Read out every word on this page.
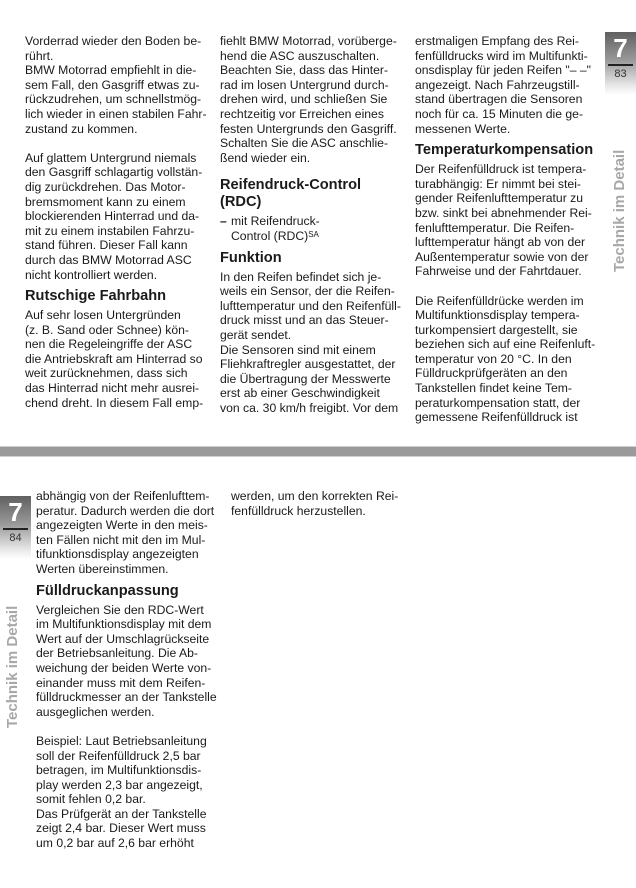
Vorderrad wieder den Boden be-
rührt.

BMW Motorrad empfiehlt in die-
sem Fall, den Gasgriff etwas zu-
rückzudrehen, um schnellstmög-
lich wieder in einen stabilen Fahr-
zustand zu kommen.

Auf glattem Untergrund niemals
den Gasgriff schlagartig vollstän-
dig zurückdrehen. Das Motor-
bremsmoment kann zu einem
blockierenden Hinterrad und da-
mit zu einem instabilen Fahrzu-
stand führen. Dieser Fall kann
durch das BMW Motorrad ASC
nicht kontrolliert werden.

Rutschige Fahrbahn

Auf sehr losen Untergründen
(z. B. Sand oder Schnee) kön-
nen die Regeleingriffe der ASC
die Antriebskraft am Hinterrad so
weit zurücknehmen, dass sich
das Hinterrad nicht mehr ausrei-
chend dreht. In diesem Fall emp-

fiehlt BMW Motorrad, vorüberge-
hend die ASC auszuschalten.
Beachten Sie, dass das Hinter-
rad im losen Untergrund durch-
drehen wird, und schließen Sie
rechtzeitig vor Erreichen eines
festen Untergrunds den Gasgriff.
Schalten Sie die ASC anschlie-
ßend wieder ein.

Reifendruck-Control
(RDC)
– mit Reifendruck-
Control (RDC)$^{SA}$
Funktion

In den Reifen befindet sich je-
weils ein Sensor, der die Reifen-
lufttemperatur und den Reifenfüll-
druck misst und an das Steuer-
gerät sendet.

Die Sensoren sind mit einem
Fliehkraftregler ausgestattet, der
die Übertragung der Messwerte
erst ab einer Geschwindigkeit
von ca. 30 km/h freigibt. Vor dem

erstmaligen Empfang des Rei-
fenfülldrucks wird im Multifunkti-
onsdisplay für jeden Reifen "– –"
angezeigt. Nach Fahrzeugstill-
stand übertragen die Sensoren
noch für ca. 15 Minuten die ge-
messenen Werte.

Temperaturkompensation

Der Reifenfülldruck ist tempera-
turabhängig: Er nimmt bei stei-
gender Reifenlufttemperatur zu
bzw. sinkt bei abnehmender Rei-
fenlufttemperatur. Die Reifen-
lufttemperatur hängt ab von der
Außentemperatur sowie von der
Fahrweise und der Fahrtdauer.

Die Reifenfülldrücke werden im
Multifunktionsdisplay tempera-
turkompensiert dargestellt, sie
beziehen sich auf eine Reifenluft-
temperatur von 20 °C. In den
Fülldruckprüfgeräten an den
Tankstellen findet keine Tem-
peraturkompensation statt, der
gemessene Reifenfülldruck ist

7
83
Technik im Detail
7
84
Technik im Detail

abhängig von der Reifenlufttem-
peratur. Dadurch werden die dort
angezeigten Werte in den meis-
ten Fällen nicht mit den im Mul-
tifunktionsdisplay angezeigten
Werten übereinstimmen.

Fülldruckanpassung

Vergleichen Sie den RDC-Wert
im Multifunktionsdisplay mit dem
Wert auf der Umschlagrückseite
der Betriebsanleitung. Die Ab-
weichung der beiden Werte von-
einander muss mit dem Reifen-
fülldruckmesser an der Tankstelle
ausgeglichen werden.

Beispiel: Laut Betriebsanleitung
soll der Reifenfülldruck 2,5 bar
betragen, im Multifunktionsdis-
play werden 2,3 bar angezeigt,
somit fehlen 0,2 bar.

Das Prüfgerät an der Tankstelle
zeigt 2,4 bar. Dieser Wert muss
um 0,2 bar auf 2,6 bar erhöht

werden, um den korrekten Rei-
fenfülldruck herzustellen.
